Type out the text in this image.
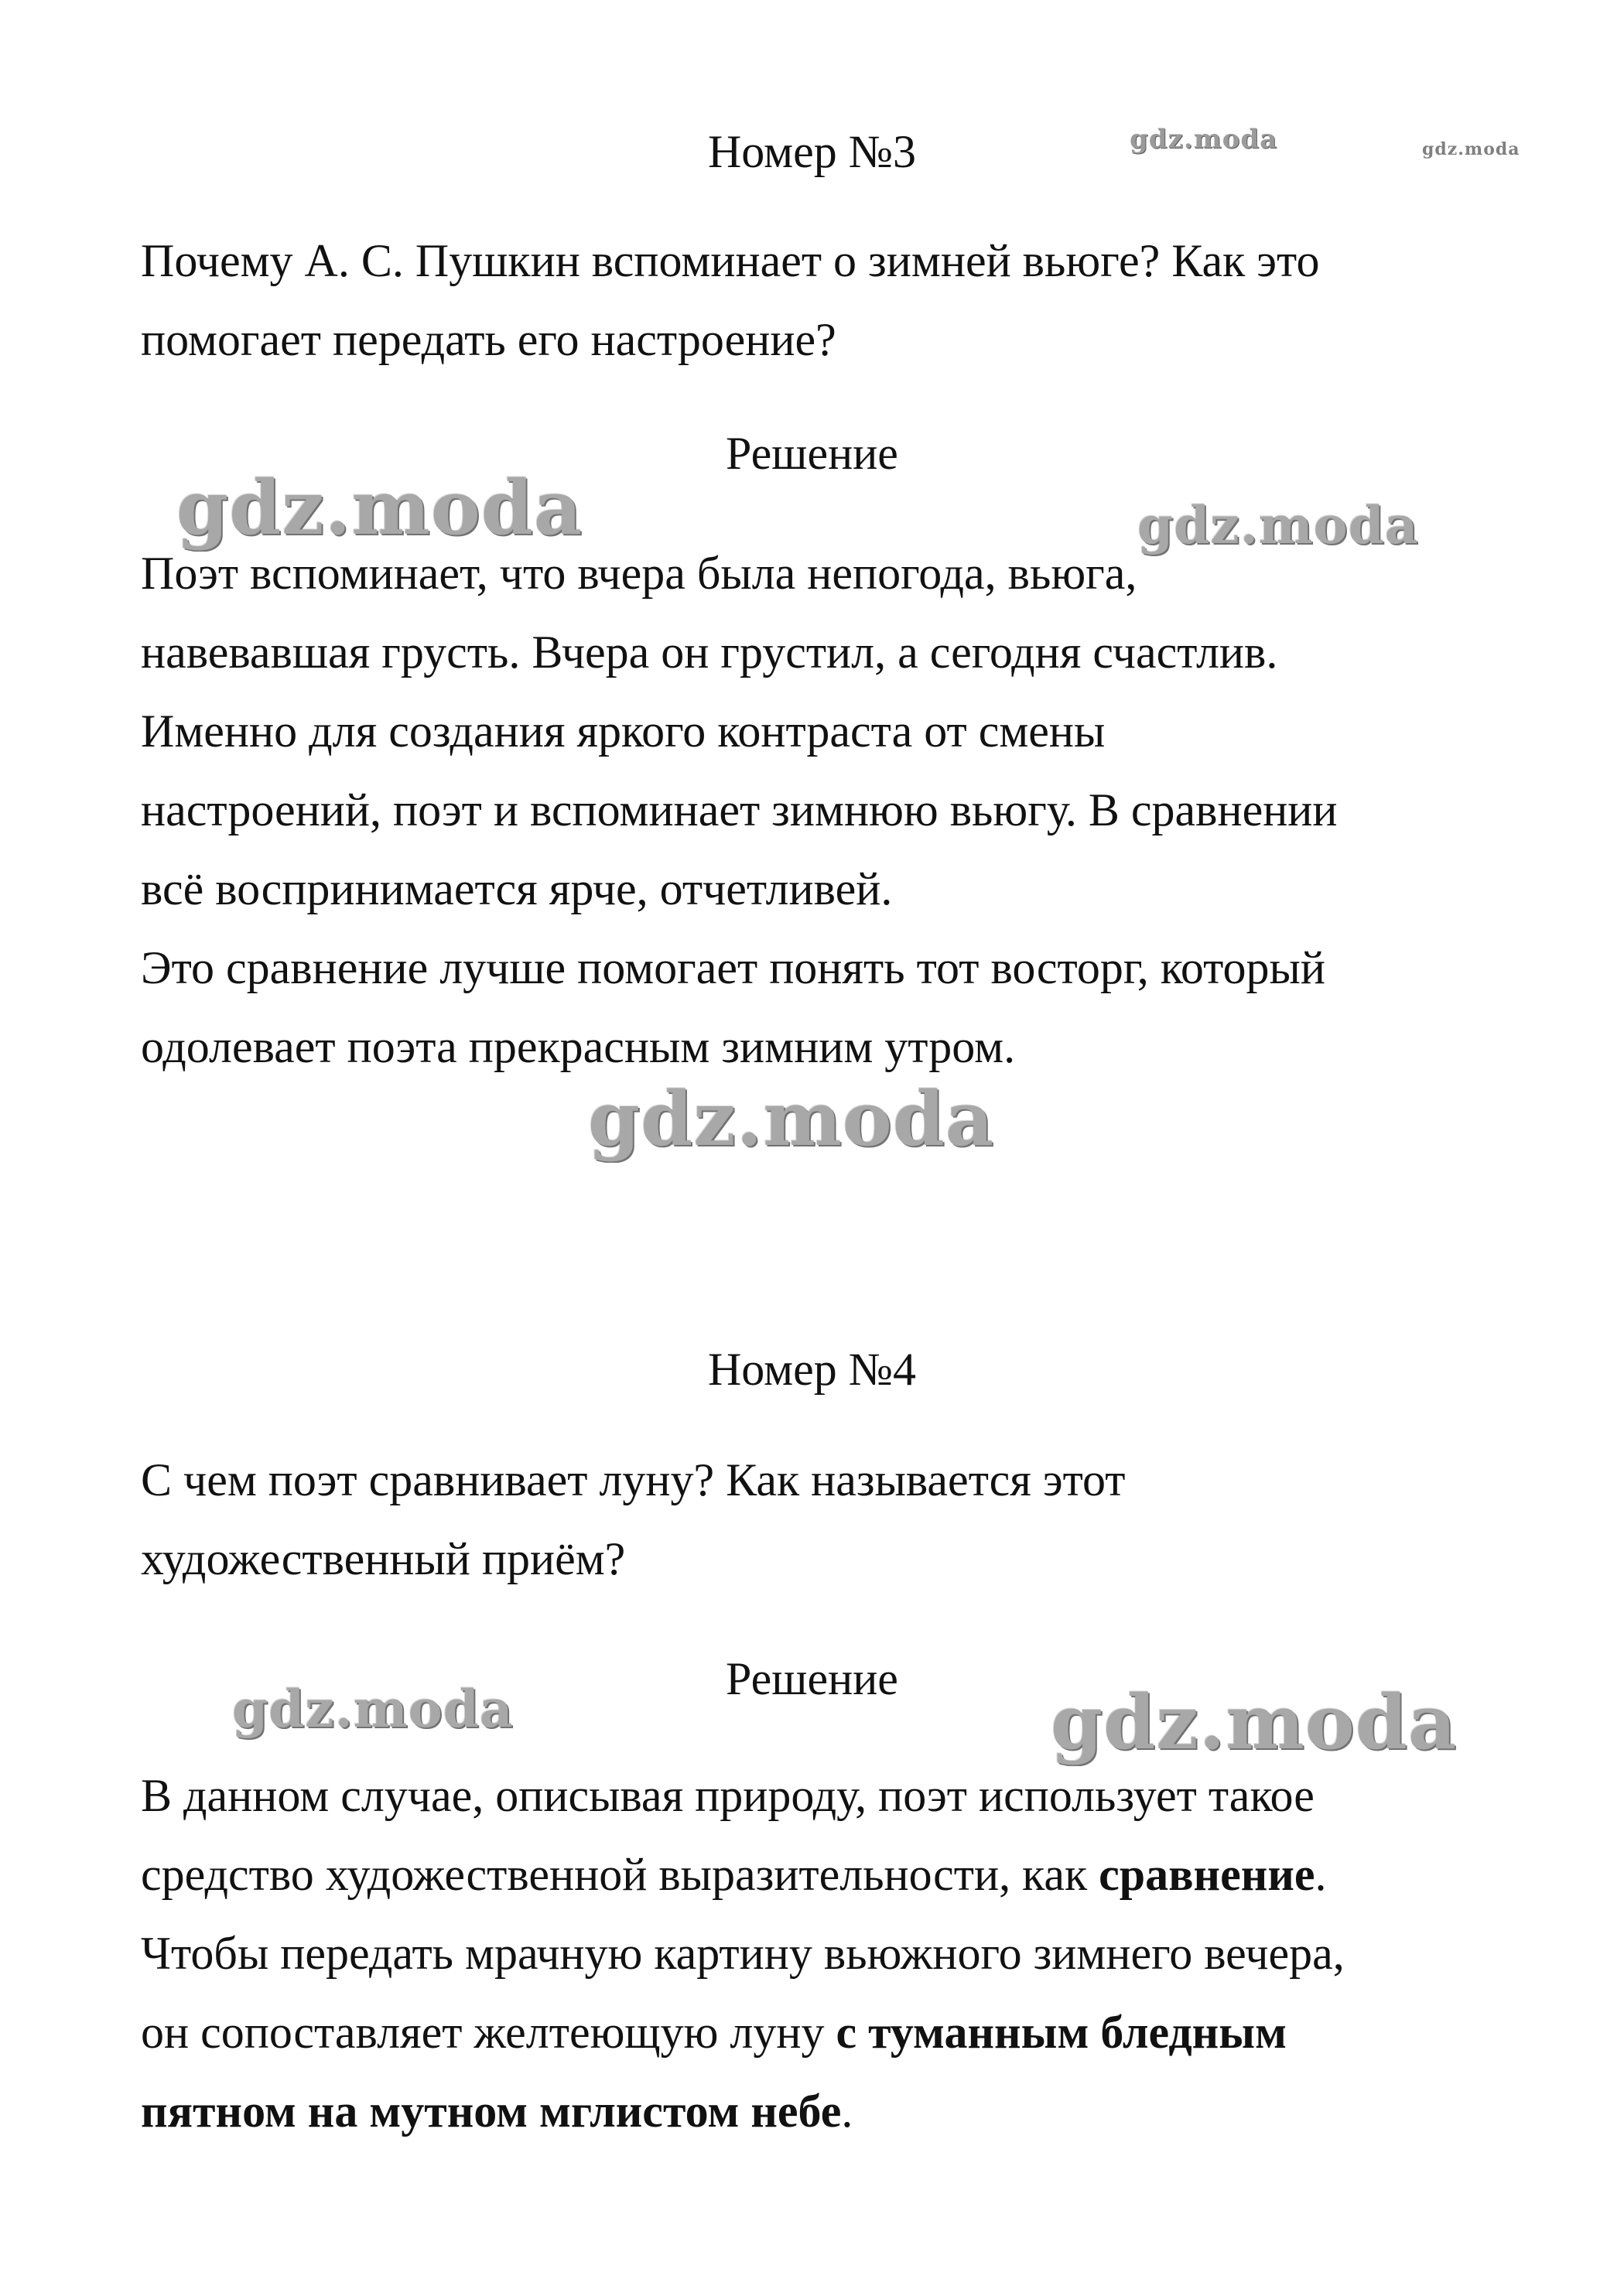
gdz.moda	gdz.moda
gdz.moda	gdz.moda
gdz.moda
gdz.moda	gdz.moda
Номер №3

Почему А. С. Пушкин вспоминает о зимней вьюге? Как это
помогает передать его настроение?

Решение

Поэт вспоминает, что вчера была непогода, вьюга,
навевавшая грусть. Вчера он грустил, а сегодня счастлив.
Именно для создания яркого контраста от смены
настроений, поэт и вспоминает зимнюю вьюгу. В сравнении
всё воспринимается ярче, отчетливей.
Это сравнение лучше помогает понять тот восторг, который
одолевает поэта прекрасным зимним утром.

Номер №4

С чем поэт сравнивает луну? Как называется этот
художественный приём?

Решение

В данном случае, описывая природу, поэт использует такое
средство художественной выразительности, как сравнение.
Чтобы передать мрачную картину вьюжного зимнего вечера,
он сопоставляет желтеющую луну с туманным бледным
пятном на мутном мглистом небе.
